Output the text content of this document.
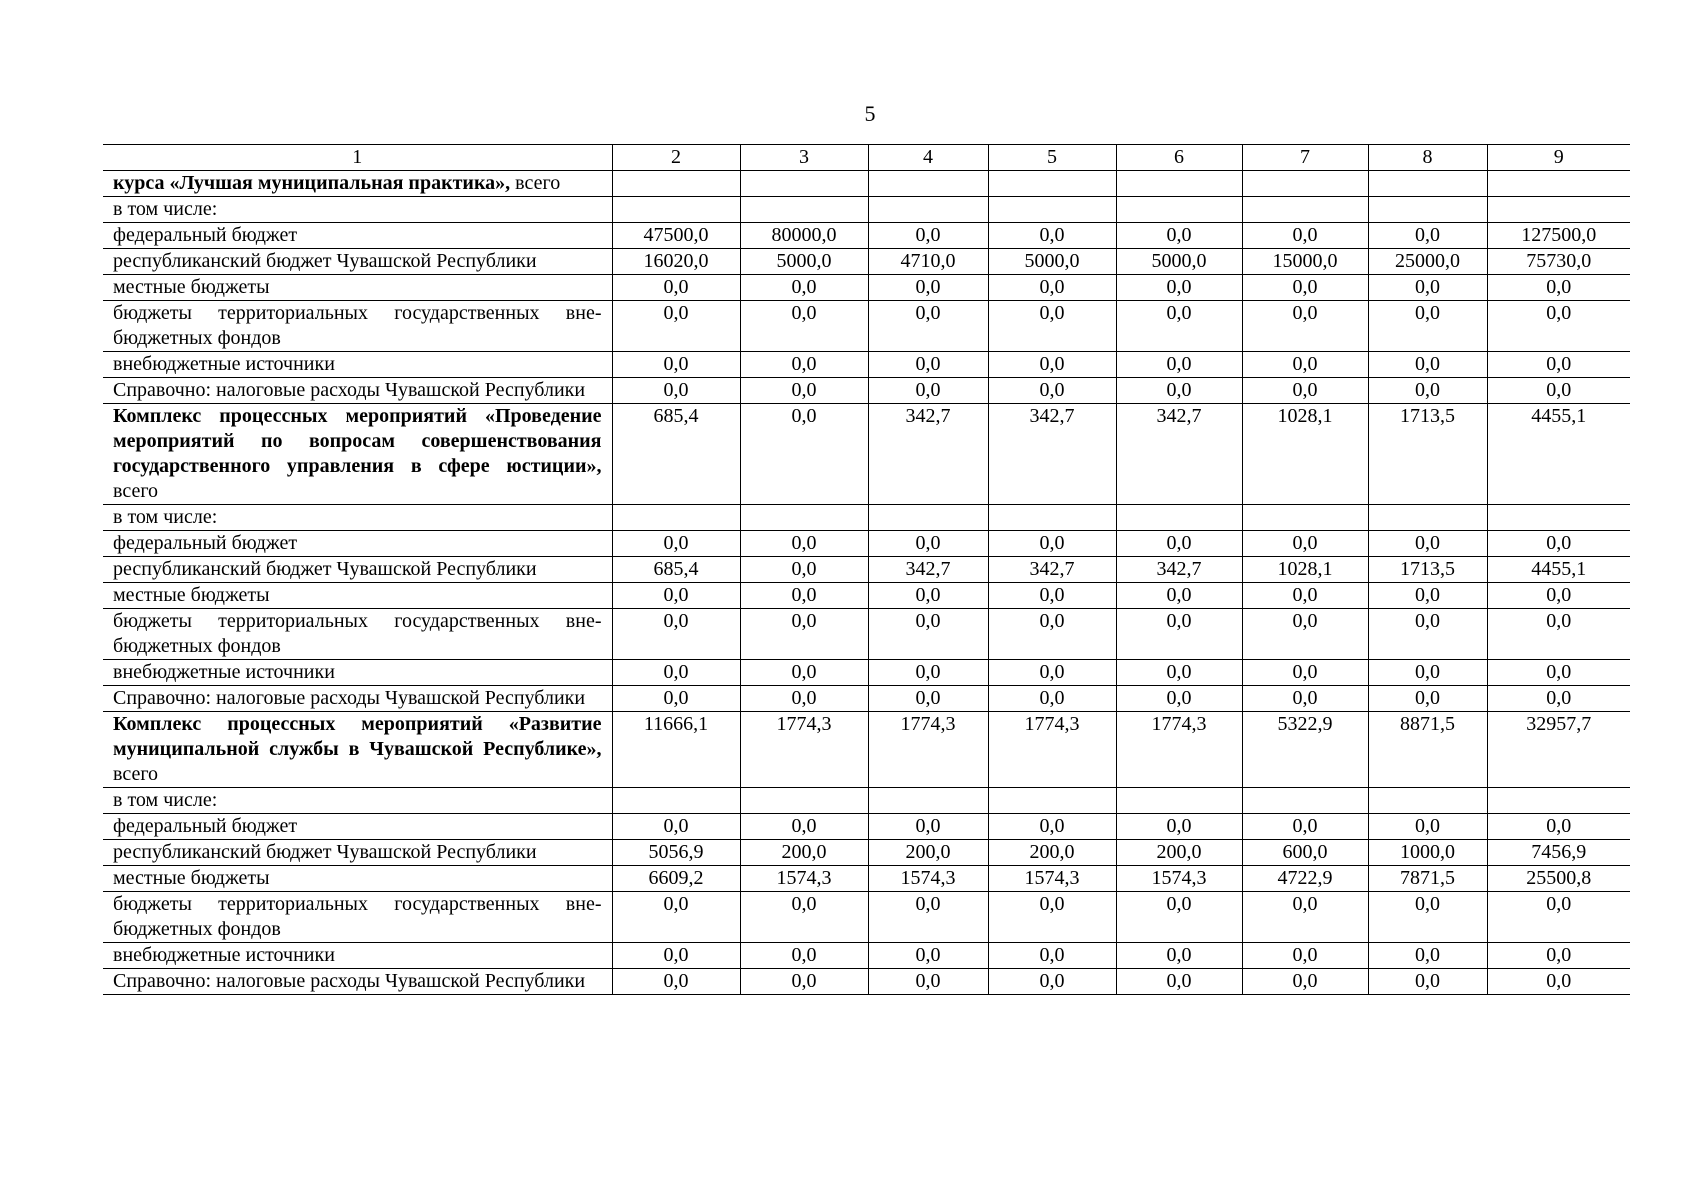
5
1	2	3	4	5	6	7	8	9
курса «Лучшая муниципальная практика», всего								
в том числе:								
федеральный бюджет	47500,0	80000,0	0,0	0,0	0,0	0,0	0,0	127500,0
республиканский бюджет Чувашской Республики	16020,0	5000,0	4710,0	5000,0	5000,0	15000,0	25000,0	75730,0
местные бюджеты	0,0	0,0	0,0	0,0	0,0	0,0	0,0	0,0
бюджеты территориальных государственных внебюджетных фондов	0,0	0,0	0,0	0,0	0,0	0,0	0,0	0,0
внебюджетные источники	0,0	0,0	0,0	0,0	0,0	0,0	0,0	0,0
Справочно: налоговые расходы Чувашской Республики	0,0	0,0	0,0	0,0	0,0	0,0	0,0	0,0
Комплекс процессных мероприятий «Проведение мероприятий по вопросам совершенствования государственного управления в сфере юстиции», всего	685,4	0,0	342,7	342,7	342,7	1028,1	1713,5	4455,1
в том числе:								
федеральный бюджет	0,0	0,0	0,0	0,0	0,0	0,0	0,0	0,0
республиканский бюджет Чувашской Республики	685,4	0,0	342,7	342,7	342,7	1028,1	1713,5	4455,1
местные бюджеты	0,0	0,0	0,0	0,0	0,0	0,0	0,0	0,0
бюджеты территориальных государственных внебюджетных фондов	0,0	0,0	0,0	0,0	0,0	0,0	0,0	0,0
внебюджетные источники	0,0	0,0	0,0	0,0	0,0	0,0	0,0	0,0
Справочно: налоговые расходы Чувашской Республики	0,0	0,0	0,0	0,0	0,0	0,0	0,0	0,0
Комплекс процессных мероприятий «Развитие муниципальной службы в Чувашской Республике», всего	11666,1	1774,3	1774,3	1774,3	1774,3	5322,9	8871,5	32957,7
в том числе:								
федеральный бюджет	0,0	0,0	0,0	0,0	0,0	0,0	0,0	0,0
республиканский бюджет Чувашской Республики	5056,9	200,0	200,0	200,0	200,0	600,0	1000,0	7456,9
местные бюджеты	6609,2	1574,3	1574,3	1574,3	1574,3	4722,9	7871,5	25500,8
бюджеты территориальных государственных внебюджетных фондов	0,0	0,0	0,0	0,0	0,0	0,0	0,0	0,0
внебюджетные источники	0,0	0,0	0,0	0,0	0,0	0,0	0,0	0,0
Справочно: налоговые расходы Чувашской Республики	0,0	0,0	0,0	0,0	0,0	0,0	0,0	0,0
